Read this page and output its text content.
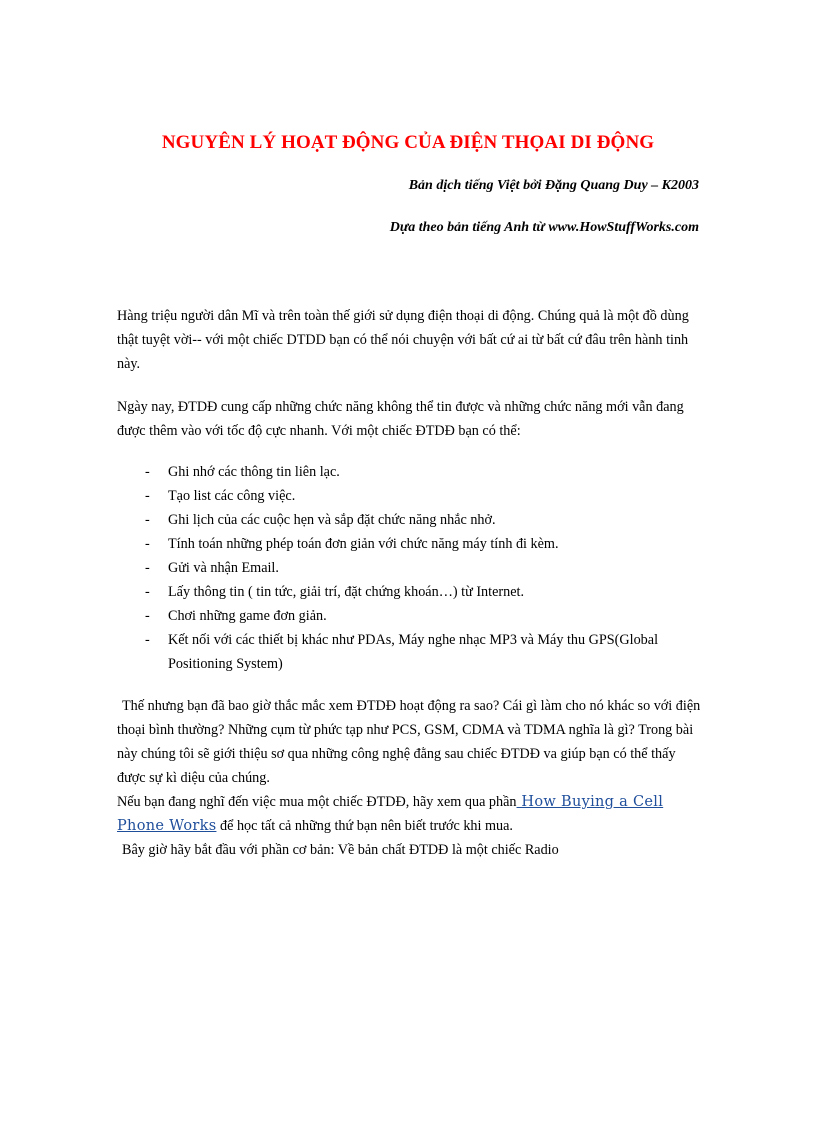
NGUYÊN LÝ HOẠT ĐỘNG CỦA ĐIỆN THỌAI DI ĐỘNG

Bản dịch tiếng Việt bởi Đặng Quang Duy – K2003

Dựa theo bản tiếng Anh từ www.HowStuffWorks.com

Hàng triệu người dân Mĩ và trên toàn thế giới sử dụng điện thoại di động. Chúng quả là một đồ dùng thật tuyệt vời-- với một chiếc DTDD bạn có thể nói chuyện với bất cứ ai từ bất cứ đâu trên hành tinh này.

Ngày nay, ĐTDĐ cung cấp những chức năng không thể tin được và những chức năng mới vẫn đang được thêm vào với tốc độ cực nhanh. Với một chiếc ĐTDĐ bạn có thể:

- Ghi nhớ các thông tin liên lạc.
- Tạo list các công việc.
- Ghi lịch của các cuộc hẹn và sắp đặt chức năng nhắc nhở.
- Tính toán những phép toán đơn giản với chức năng máy tính đi kèm.
- Gửi và nhận Email.
- Lấy thông tin ( tin tức, giải trí, đặt chứng khoán…) từ Internet.
- Chơi những game đơn giản.
- Kết nối với các thiết bị khác như PDAs, Máy nghe nhạc MP3 và Máy thu GPS(Global Positioning System)

Thế nhưng bạn đã bao giờ thắc mắc xem ĐTDĐ hoạt động ra sao? Cái gì làm cho nó khác so với điện thoại bình thường? Những cụm từ phức tạp như PCS, GSM, CDMA và TDMA nghĩa là gì? Trong bài này chúng tôi sẽ giới thiệu sơ qua những công nghệ đằng sau chiếc ĐTDĐ va giúp bạn có thể thấy được sự kì diệu của chúng.

Nếu bạn đang nghĩ đến việc mua một chiếc ĐTDĐ, hãy xem qua phần How Buying a Cell Phone Works để học tất cả những thứ bạn nên biết trước khi mua.

Bây giờ hãy bắt đầu với phần cơ bản: Về bản chất ĐTDĐ là một chiếc Radio
